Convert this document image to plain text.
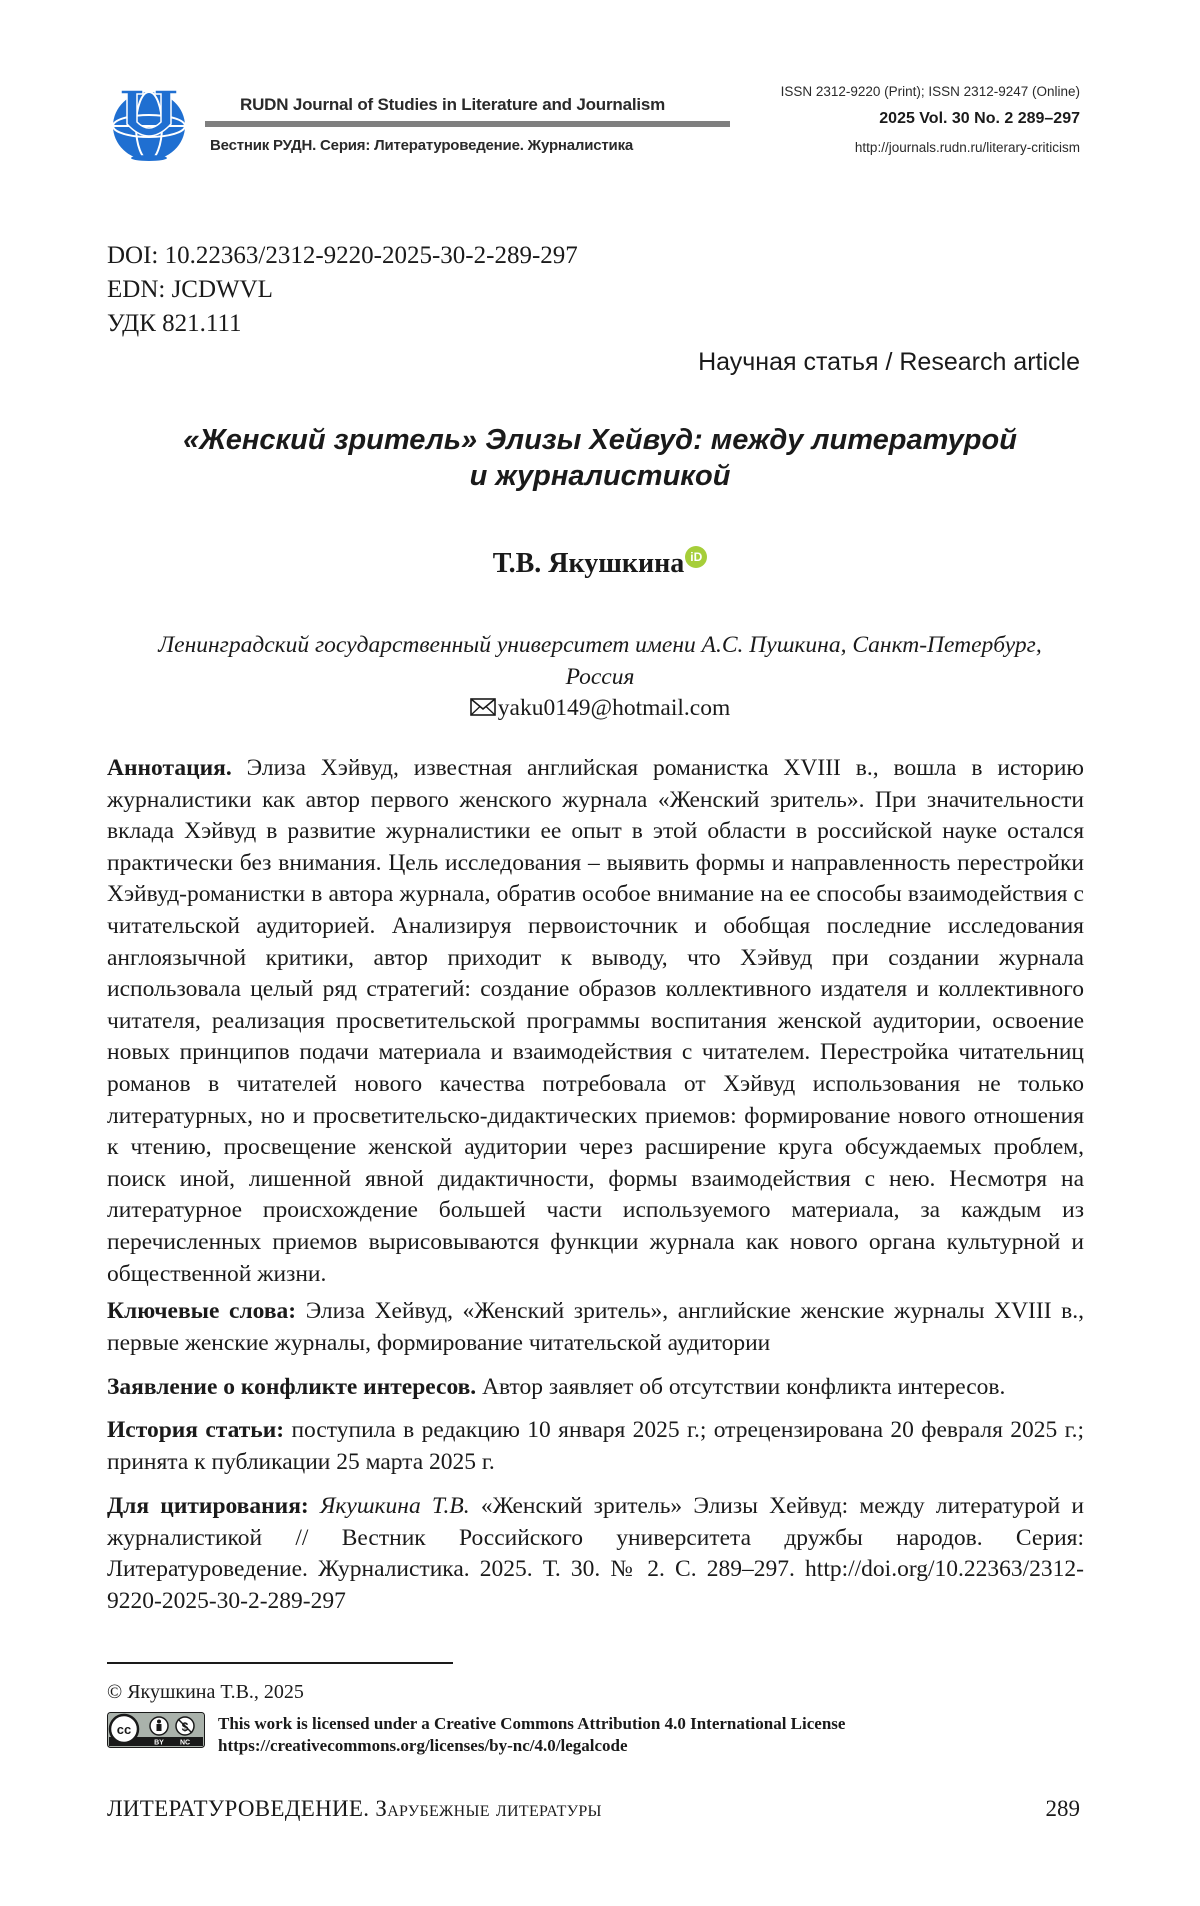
RUDN Journal of Studies in Literature and Journalism
Вестник РУДН. Серия: Литературоведение. Журналистика
ISSN 2312-9220 (Print); ISSN 2312-9247 (Online)
2025 Vol. 30 No. 2 289–297
http://journals.rudn.ru/literary-criticism
DOI: 10.22363/2312-9220-2025-30-2-289-297
EDN: JCDWVL
УДК 821.111
Научная статья / Research article
«Женский зритель» Элизы Хейвуд: между литературой
и журналистикой
Т.В. Якушкина iD
Ленинградский государственный университет имени А.С. Пушкина, Санкт-Петербург,
Россия
yaku0149@hotmail.com
Аннотация. Элиза Хэйвуд, известная английская романистка XVIII в., вошла в историю журналистики как автор первого женского журнала «Женский зритель». При значительности вклада Хэйвуд в развитие журналистики ее опыт в этой области в российской науке остался практически без внимания. Цель исследования – выявить формы и направленность перестройки Хэйвуд-романистки в автора журнала, обратив особое внимание на ее способы взаимодействия с читательской аудиторией. Анализируя первоисточник и обобщая последние исследования англоязычной критики, автор приходит к выводу, что Хэйвуд при создании журнала использовала целый ряд стратегий: создание образов коллективного издателя и коллективного читателя, реализация просветительской программы воспитания женской аудитории, освоение новых принципов подачи материала и взаимодействия с читателем. Перестройка читательниц романов в читателей нового качества потребовала от Хэйвуд использования не только литературных, но и просветительско-дидактических приемов: формирование нового отношения к чтению, просвещение женской аудитории через расширение круга обсуждаемых проблем, поиск иной, лишенной явной дидактичности, формы взаимодействия с нею. Несмотря на литературное происхождение большей части используемого материала, за каждым из перечисленных приемов вырисовываются функции журнала как нового органа культурной и общественной жизни.
Ключевые слова: Элиза Хейвуд, «Женский зритель», английские женские журналы XVIII в., первые женские журналы, формирование читательской аудитории
Заявление о конфликте интересов. Автор заявляет об отсутствии конфликта интересов.
История статьи: поступила в редакцию 10 января 2025 г.; отрецензирована 20 февраля 2025 г.; принята к публикации 25 марта 2025 г.
Для цитирования: Якушкина Т.В. «Женский зритель» Элизы Хейвуд: между литературой и журналистикой // Вестник Российского университета дружбы народов. Серия: Литературоведение. Журналистика. 2025. Т. 30. № 2. С. 289–297. http://doi.org/10.22363/2312-9220-2025-30-2-289-297
© Якушкина Т.В., 2025
cc
BY NC
This work is licensed under a Creative Commons Attribution 4.0 International License
https://creativecommons.org/licenses/by-nc/4.0/legalcode
ЛИТЕРАТУРОВЕДЕНИЕ. Зарубежные литературы	289
